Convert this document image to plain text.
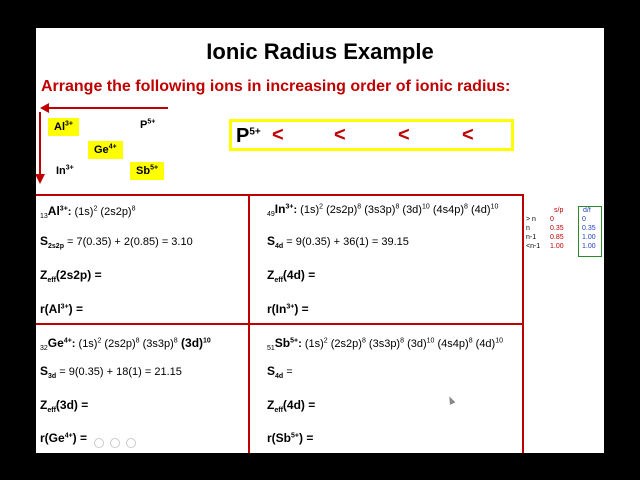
Ionic Radius Example
Arrange the following ions in increasing order of ionic radius:
$Al^{3+}$	$P^{5+}$
$Ge^{4+}$
$In^{3+}$	$Sb^{5+}$
$P^{5+}$ <	<	<	<
$_{13}Al^{3+}$: $(1s)^2$ $(2s2p)^8$
$S_{2s2p} = 7(0.35) + 2(0.85) = 3.10$
$Z_{eff}(2s2p)$ =
$r(Al^{3+})$ =
$_{49}In^{3+}$: $(1s)^2$ $(2s2p)^8$ $(3s3p)^8$ $(3d)^{10}$ $(4s4p)^8$ $(4d)^{10}$
$S_{4d} = 9(0.35) + 36(1) = 39.15$
$Z_{eff}(4d)$ =
$r(In^{3+})$ =
$_{32}Ge^{4+}$: $(1s)^2$ $(2s2p)^8$ $(3s3p)^8$ $(3d)^{10}$
$S_{3d} = 9(0.35) + 18(1) = 21.15$
$Z_{eff}(3d)$ =
$r(Ge^{4+})$ =
$_{51}Sb^{5+}$: $(1s)^2$ $(2s2p)^8$ $(3s3p)^8$ $(3d)^{10}$ $(4s4p)^8$ $(4d)^{10}$
$S_{4d}$ =
$Z_{eff}(4d)$ =
$r(Sb^{5+})$ =
s/p	d/f
> n 0	0
n	0.35	0.35
n-1 0.85	1.00
<n-1 1.00	1.00
